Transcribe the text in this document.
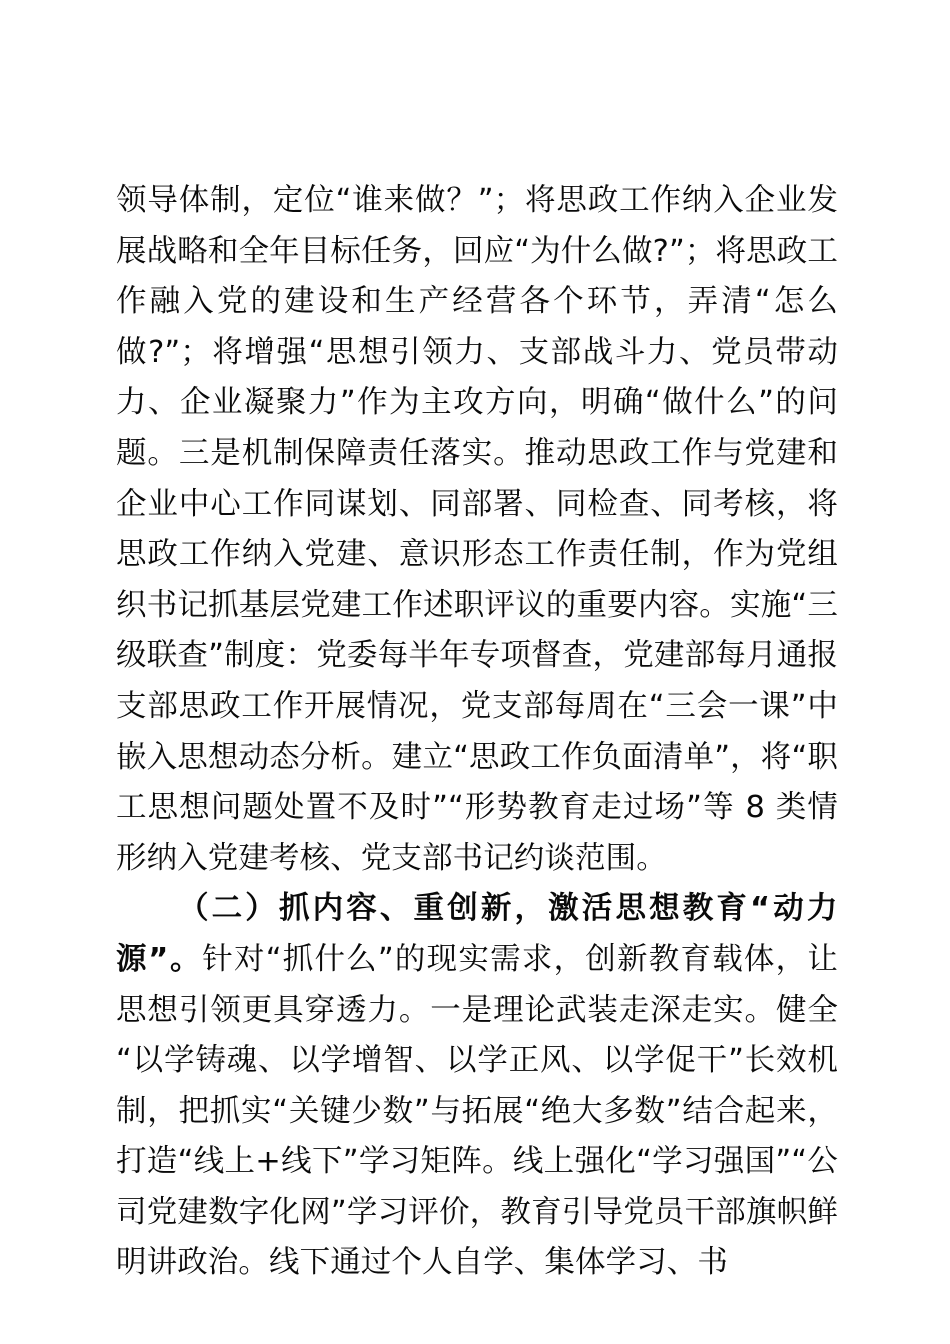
领导体制，定位“谁来做？”；将思政工作纳入企业发展战略和全年目标任务，回应“为什么做?”；将思政工作融入党的建设和生产经营各个环节，弄清“怎么做?”；将增强“思想引领力、支部战斗力、党员带动力、企业凝聚力”作为主攻方向，明确“做什么”的问题。三是机制保障责任落实。推动思政工作与党建和企业中心工作同谋划、同部署、同检查、同考核，将思政工作纳入党建、意识形态工作责任制，作为党组织书记抓基层党建工作述职评议的重要内容。实施“三级联查”制度：党委每半年专项督查，党建部每月通报支部思政工作开展情况，党支部每周在“三会一课”中嵌入思想动态分析。建立“思政工作负面清单”，将“职工思想问题处置不及时”“形势教育走过场”等 8 类情形纳入党建考核、党支部书记约谈范围。

（二）抓内容、重创新，激活思想教育“动力源”。针对“抓什么”的现实需求，创新教育载体，让思想引领更具穿透力。一是理论武装走深走实。健全“以学铸魂、以学增智、以学正风、以学促干”长效机制，把抓实“关键少数”与拓展“绝大多数”结合起来，打造“线上+线下”学习矩阵。线上强化“学习强国”“公司党建数字化网”学习评价，教育引导党员干部旗帜鲜明讲政治。线下通过个人自学、集体学习、书
